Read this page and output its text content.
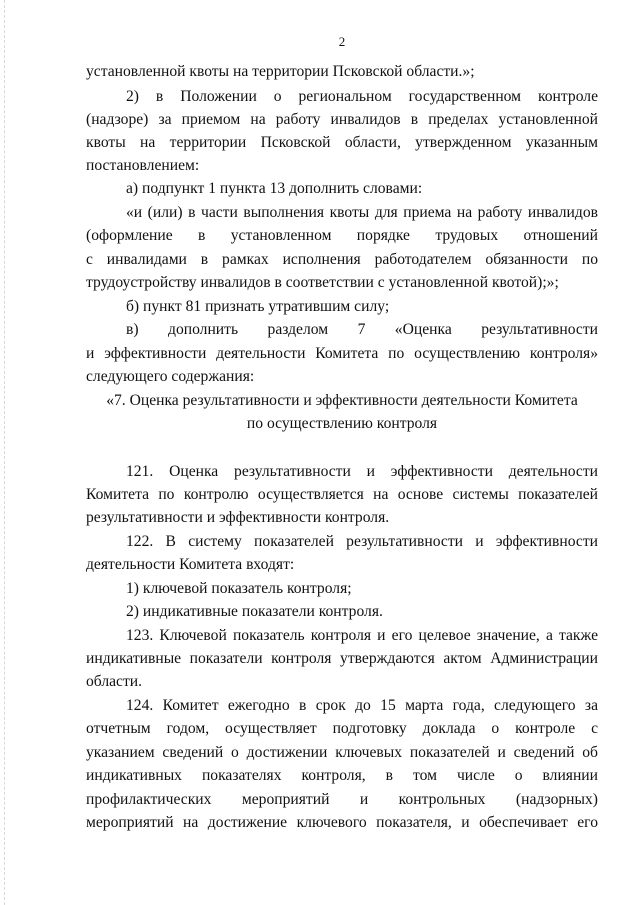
2
установленной квоты на территории Псковской области.»;
2) в Положении о региональном государственном контроле
(надзоре) за приемом на работу инвалидов в пределах установленной
квоты на территории Псковской области, утвержденном указанным
постановлением:
а) подпункт 1 пункта 13 дополнить словами:
«и (или) в части выполнения квоты для приема на работу инвалидов
(оформление в установленном порядке трудовых отношений
с инвалидами в рамках исполнения работодателем обязанности по
трудоустройству инвалидов в соответствии с установленной квотой);»;
б) пункт 81 признать утратившим силу;
в) дополнить разделом 7 «Оценка результативности
и эффективности деятельности Комитета по осуществлению контроля»
следующего содержания:
«7. Оценка результативности и эффективности деятельности Комитета
по осуществлению контроля
121. Оценка результативности и эффективности деятельности
Комитета по контролю осуществляется на основе системы показателей
результативности и эффективности контроля.
122. В систему показателей результативности и эффективности
деятельности Комитета входят:
1) ключевой показатель контроля;
2) индикативные показатели контроля.
123. Ключевой показатель контроля и его целевое значение, а также
индикативные показатели контроля утверждаются актом Администрации
области.
124. Комитет ежегодно в срок до 15 марта года, следующего за
отчетным годом, осуществляет подготовку доклада о контроле с
указанием сведений о достижении ключевых показателей и сведений об
индикативных показателях контроля, в том числе о влиянии
профилактических мероприятий и контрольных (надзорных)
мероприятий на достижение ключевого показателя, и обеспечивает его
